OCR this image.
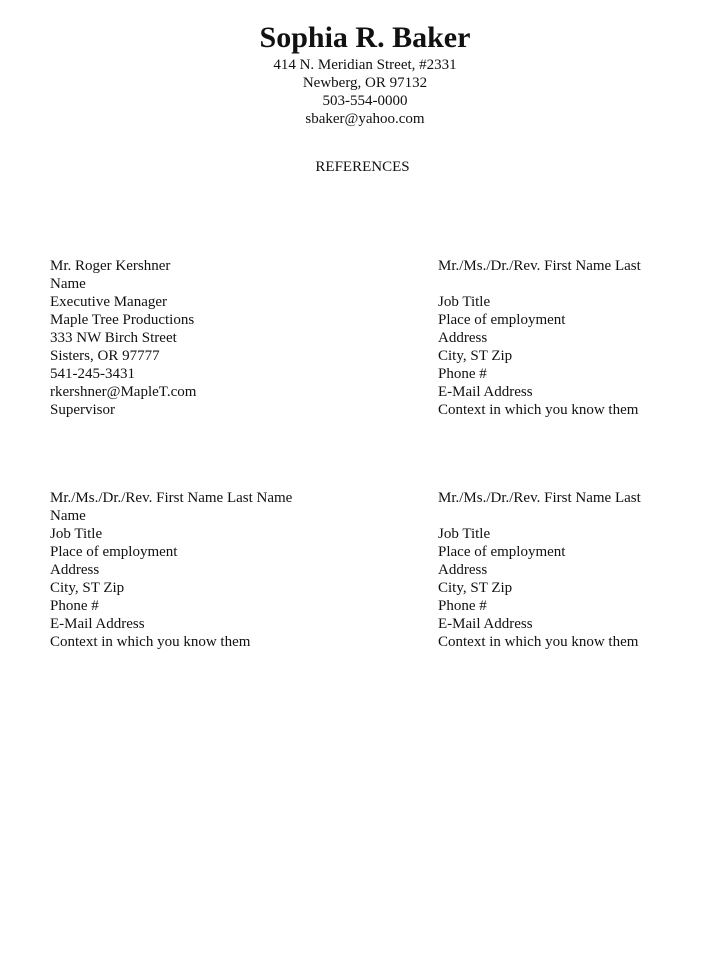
Sophia R. Baker
414 N. Meridian Street, #2331
Newberg, OR 97132
503-554-0000
sbaker@yahoo.com
REFERENCES
Mr. Roger Kershner
Name
Executive Manager
Maple Tree Productions
333 NW Birch Street
Sisters, OR 97777
541-245-3431
rkershner@MapleT.com
Supervisor
Mr./Ms./Dr./Rev. First Name Last
Job Title
Place of employment
Address
City, ST Zip
Phone #
E-Mail Address
Context in which you know them
Mr./Ms./Dr./Rev. First Name Last Name
Name
Job Title
Place of employment
Address
City, ST Zip
Phone #
E-Mail Address
Context in which you know them
Mr./Ms./Dr./Rev. First Name Last
Job Title
Place of employment
Address
City, ST Zip
Phone #
E-Mail Address
Context in which you know them
